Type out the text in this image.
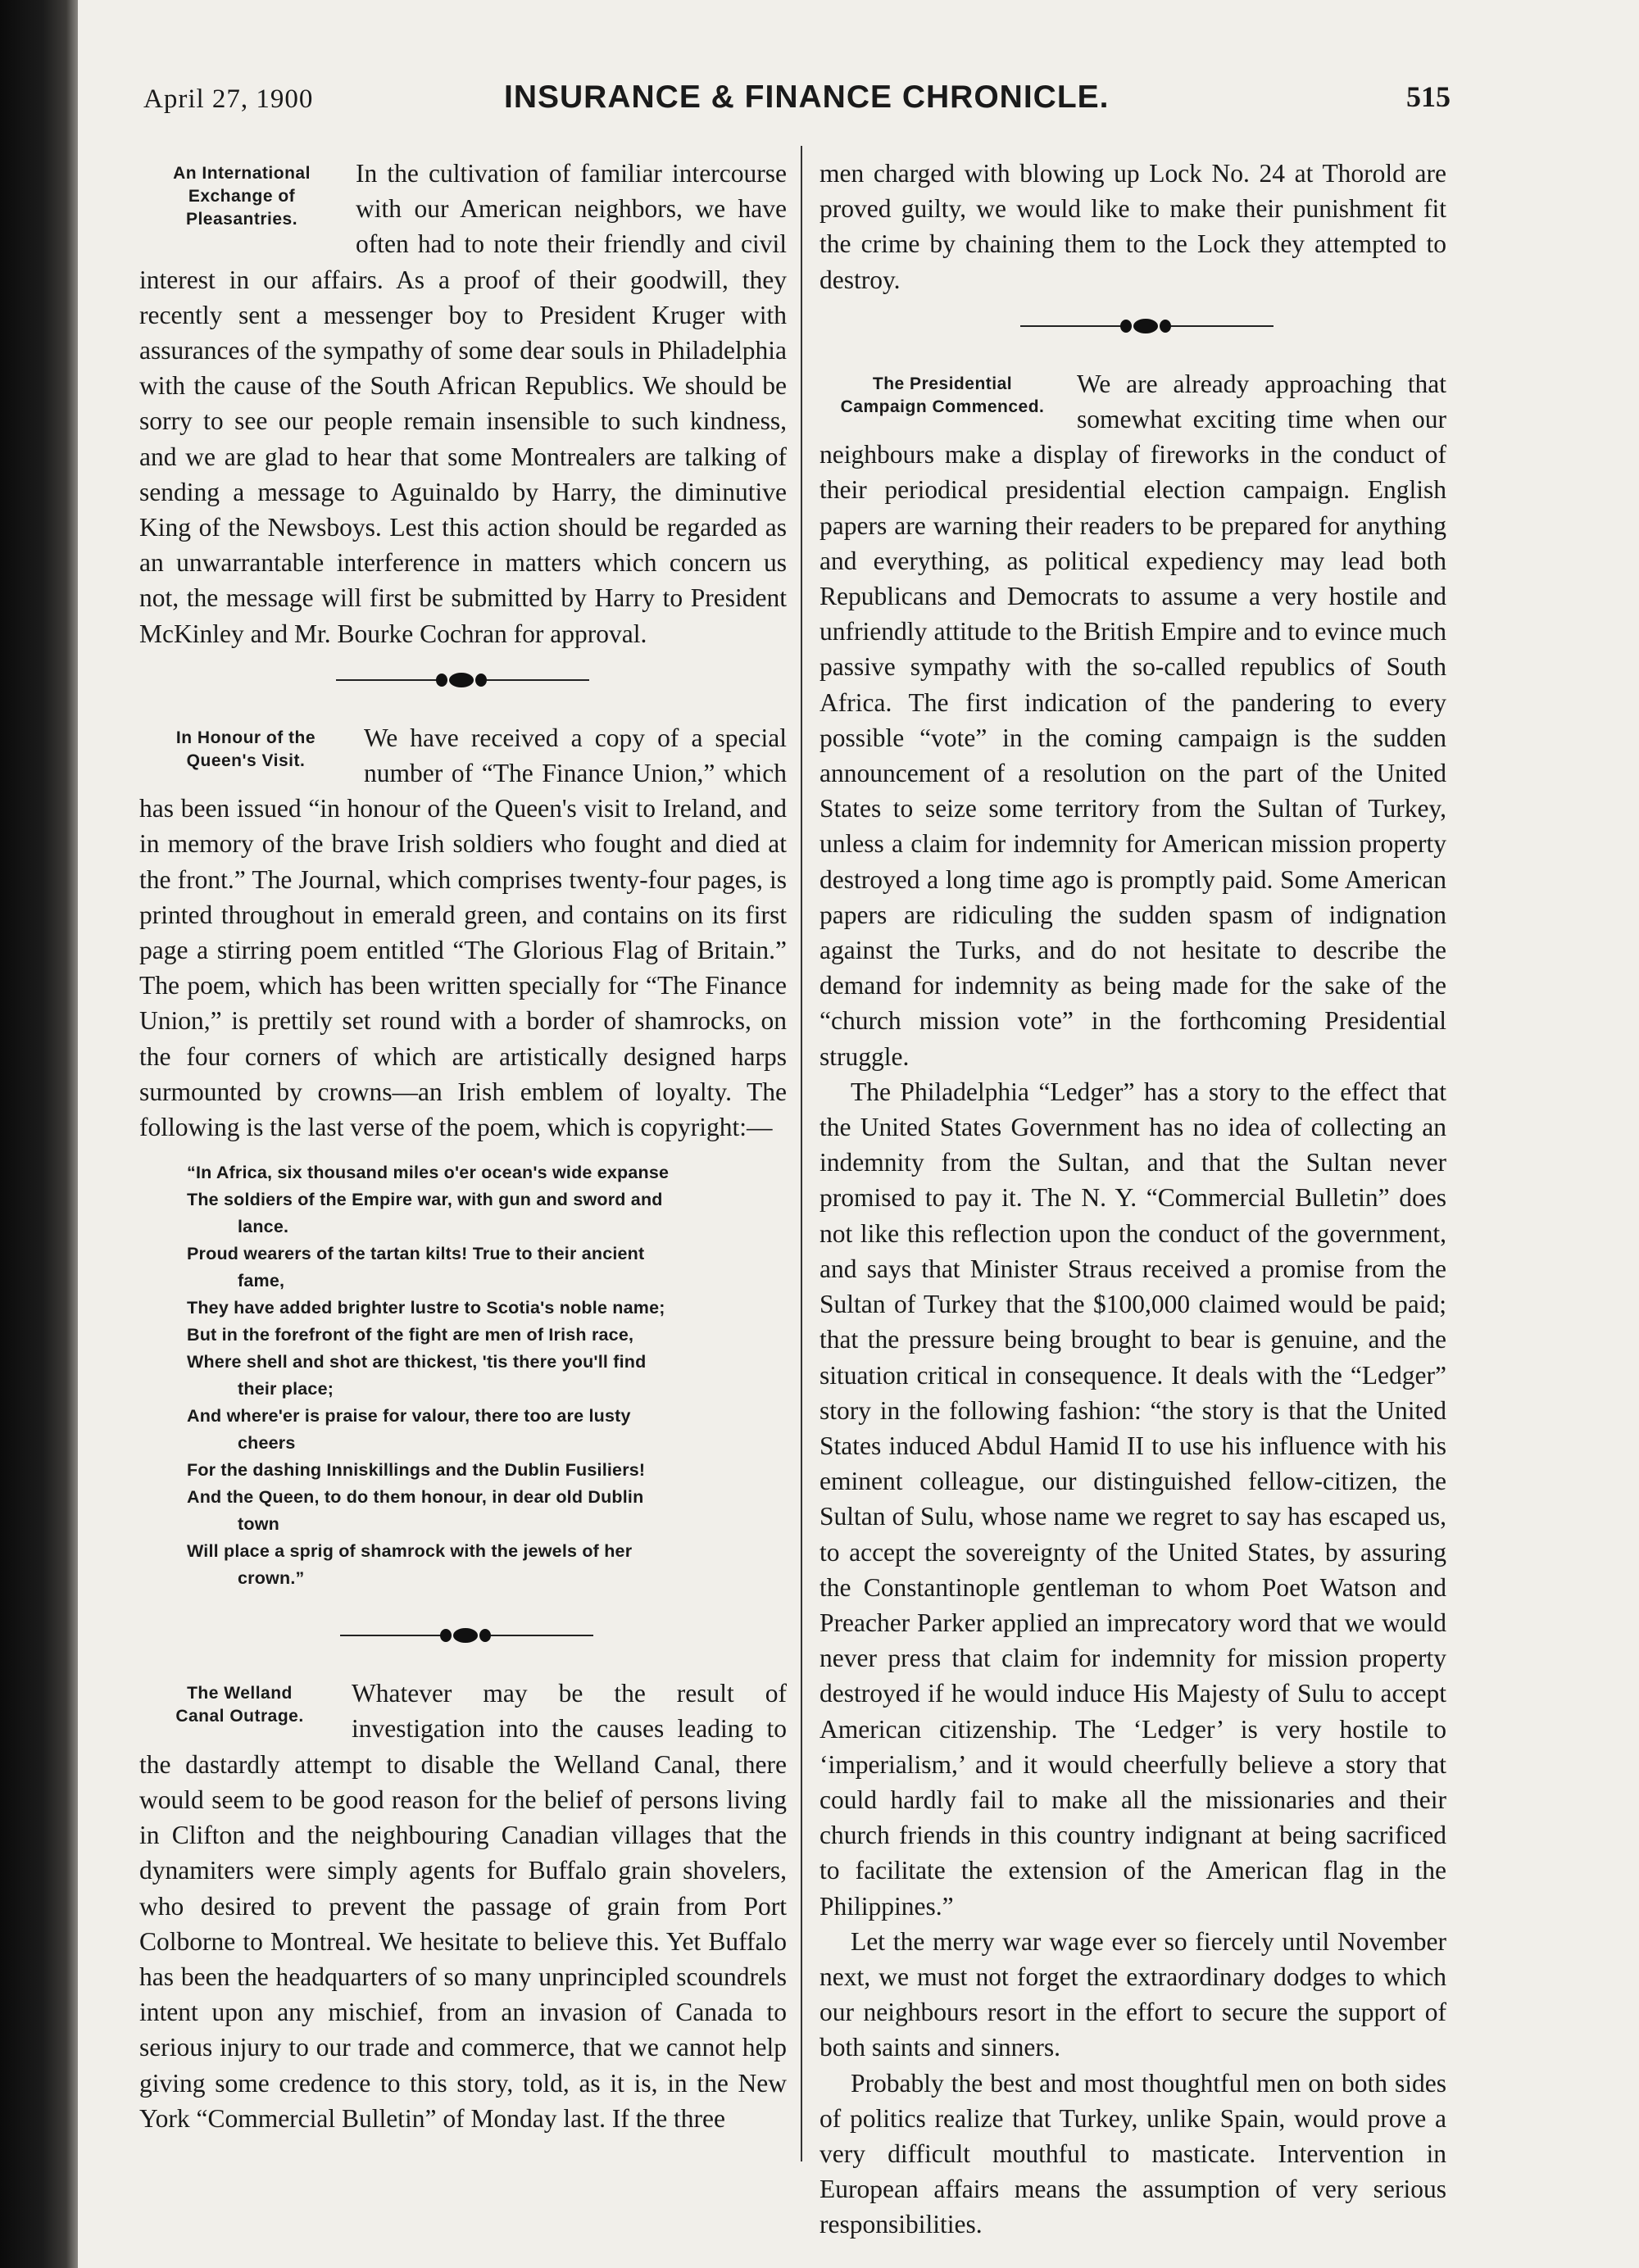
April 27, 1900	INSURANCE & FINANCE CHRONICLE.	515
An International
Exchange of
Pleasantries.

In the cultivation of familiar intercourse with our American neighbors, we have often had to note their friendly and civil interest in our affairs. As a proof of their goodwill, they recently sent a messenger boy to President Kruger with assurances of the sympathy of some dear souls in Philadelphia with the cause of the South African Republics. We should be sorry to see our people remain insensible to such kindness, and we are glad to hear that some Montrealers are talking of sending a message to Aguinaldo by Harry, the diminutive King of the Newsboys. Lest this action should be regarded as an unwarrantable interference in matters which concern us not, the message will first be submitted by Harry to President McKinley and Mr. Bourke Cochran for approval.

In Honour of the
Queen's Visit.

We have received a copy of a special number of “The Finance Union,” which has been issued “in honour of the Queen's visit to Ireland, and in memory of the brave Irish soldiers who fought and died at the front.” The Journal, which comprises twenty-four pages, is printed throughout in emerald green, and contains on its first page a stirring poem entitled “The Glorious Flag of Britain.” The poem, which has been written specially for “The Finance Union,” is prettily set round with a border of shamrocks, on the four corners of which are artistically designed harps surmounted by crowns—an Irish emblem of loyalty. The following is the last verse of the poem, which is copyright:—

“In Africa, six thousand miles o'er ocean's wide expanse
The soldiers of the Empire war, with gun and sword and
lance.
Proud wearers of the tartan kilts! True to their ancient
fame,
They have added brighter lustre to Scotia's noble name;
But in the forefront of the fight are men of Irish race,
Where shell and shot are thickest, 'tis there you'll find
their place;
And where'er is praise for valour, there too are lusty
cheers
For the dashing Inniskillings and the Dublin Fusiliers!
And the Queen, to do them honour, in dear old Dublin
town
Will place a sprig of shamrock with the jewels of her
crown.”
The Welland
Canal Outrage.

Whatever may be the result of investigation into the causes leading to the dastardly attempt to disable the Welland Canal, there would seem to be good reason for the belief of persons living in Clifton and the neighbouring Canadian villages that the dynamiters were simply agents for Buffalo grain shovelers, who desired to prevent the passage of grain from Port Colborne to Montreal. We hesitate to believe this. Yet Buffalo has been the headquarters of so many unprincipled scoundrels intent upon any mischief, from an invasion of Canada to serious injury to our trade and commerce, that we cannot help giving some credence to this story, told, as it is, in the New York “Commercial Bulletin” of Monday last. If the three

men charged with blowing up Lock No. 24 at Thorold are proved guilty, we would like to make their punishment fit the crime by chaining them to the Lock they attempted to destroy.

The Presidential
Campaign Commenced.

We are already approaching that somewhat exciting time when our neighbours make a display of fireworks in the conduct of their periodical presidential election campaign. English papers are warning their readers to be prepared for anything and everything, as political expediency may lead both Republicans and Democrats to assume a very hostile and unfriendly attitude to the British Empire and to evince much passive sympathy with the so-called republics of South Africa. The first indication of the pandering to every possible “vote” in the coming campaign is the sudden announcement of a resolution on the part of the United States to seize some territory from the Sultan of Turkey, unless a claim for indemnity for American mission property destroyed a long time ago is promptly paid. Some American papers are ridiculing the sudden spasm of indignation against the Turks, and do not hesitate to describe the demand for indemnity as being made for the sake of the “church mission vote” in the forthcoming Presidential struggle.

The Philadelphia “Ledger” has a story to the effect that the United States Government has no idea of collecting an indemnity from the Sultan, and that the Sultan never promised to pay it. The N. Y. “Commercial Bulletin” does not like this reflection upon the conduct of the government, and says that Minister Straus received a promise from the Sultan of Turkey that the $100,000 claimed would be paid; that the pressure being brought to bear is genuine, and the situation critical in consequence. It deals with the “Ledger” story in the following fashion: “the story is that the United States induced Abdul Hamid II to use his influence with his eminent colleague, our distinguished fellow-citizen, the Sultan of Sulu, whose name we regret to say has escaped us, to accept the sovereignty of the United States, by assuring the Constantinople gentleman to whom Poet Watson and Preacher Parker applied an imprecatory word that we would never press that claim for indemnity for mission property destroyed if he would induce His Majesty of Sulu to accept American citizenship. The ‘Ledger’ is very hostile to ‘imperialism,’ and it would cheerfully believe a story that could hardly fail to make all the missionaries and their church friends in this country indignant at being sacrificed to facilitate the extension of the American flag in the Philippines.”

Let the merry war wage ever so fiercely until November next, we must not forget the extraordinary dodges to which our neighbours resort in the effort to secure the support of both saints and sinners.

Probably the best and most thoughtful men on both sides of politics realize that Turkey, unlike Spain, would prove a very difficult mouthful to masticate. Intervention in European affairs means the assumption of very serious responsibilities.
